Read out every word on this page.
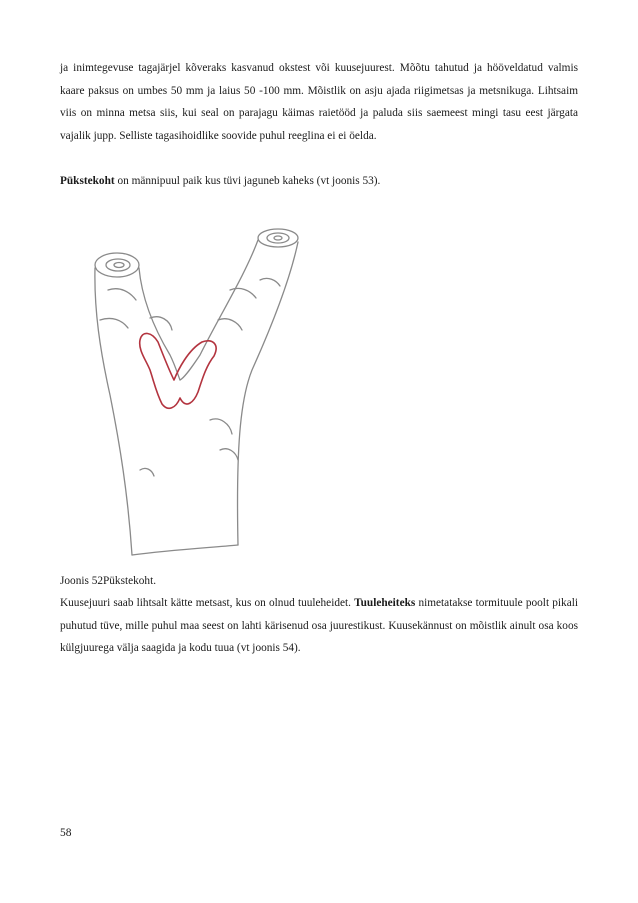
ja inimtegevuse tagajärjel kõveraks kasvanud okstest või kuusejuurest. Mõõtu tahutud ja hööveldatud valmis kaare paksus on umbes 50 mm ja laius 50 -100 mm. Mõistlik on asju ajada riigimetsas ja metsnikuga. Lihtsaim viis on minna metsa siis, kui seal on parajagu käimas raietööd ja paluda siis saemeest mingi tasu eest järgata vajalik jupp. Selliste tagasihoidlike soovide puhul reeglina ei ei öelda.

Pükstekoht on männipuul paik kus tüvi jaguneb kaheks (vt joonis 53).

Joonis 52Pükstekoht.

Kuusejuuri saab lihtsalt kätte metsast, kus on olnud tuuleheidet. Tuuleheiteks nimetatakse tormituule poolt pikali puhutud tüve, mille puhul maa seest on lahti kärisenud osa juurestikust. Kuusekännust on mõistlik ainult osa koos külgjuurega välja saagida ja kodu tuua (vt joonis 54).

58
